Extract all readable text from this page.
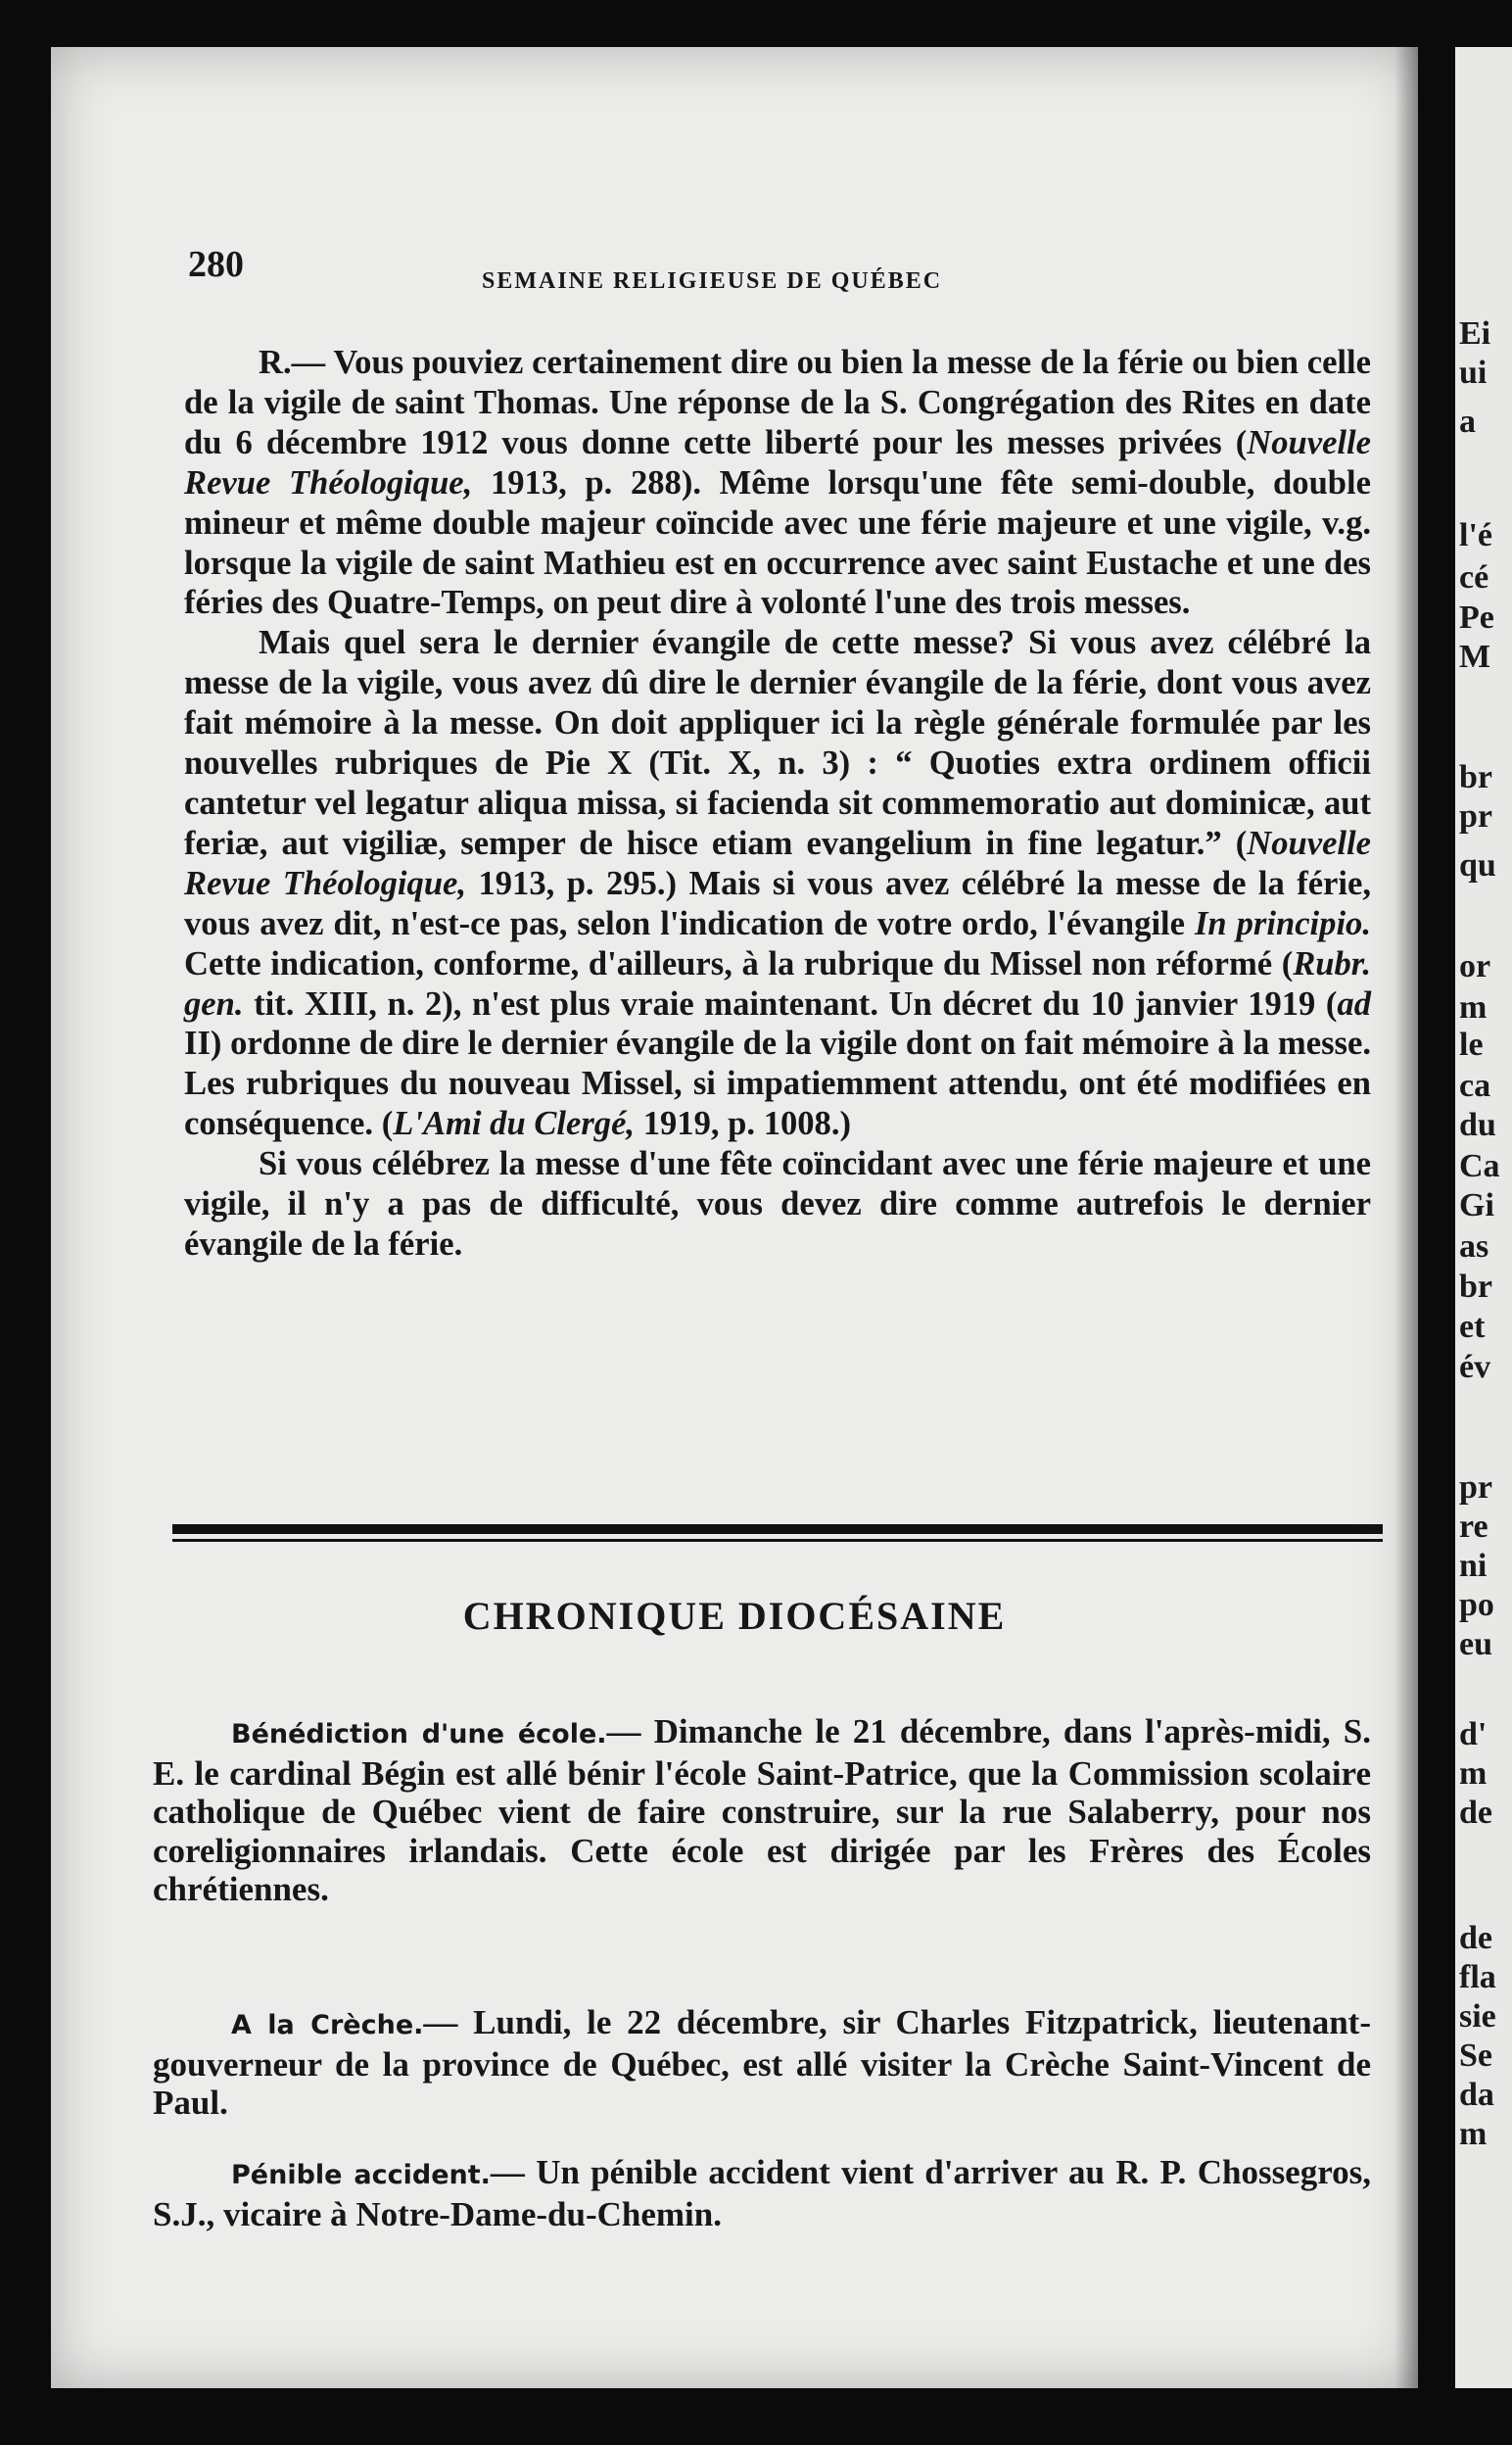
280	SEMAINE RELIGIEUSE DE QUÉBEC

R.— Vous pouviez certainement dire ou bien la messe de la férie ou bien celle de la vigile de saint Thomas. Une réponse de la S. Congrégation des Rites en date du 6 décembre 1912 vous donne cette liberté pour les messes privées (Nouvelle Revue Théologique, 1913, p. 288). Même lorsqu'une fête semi-double, double mineur et même double majeur coïncide avec une férie majeure et une vigile, v.g. lorsque la vigile de saint Mathieu est en occurrence avec saint Eustache et une des féries des Quatre-Temps, on peut dire à volonté l'une des trois messes.

Mais quel sera le dernier évangile de cette messe? Si vous avez célébré la messe de la vigile, vous avez dû dire le dernier évangile de la férie, dont vous avez fait mémoire à la messe. On doit appliquer ici la règle générale formulée par les nouvelles rubriques de Pie X (Tit. X, n. 3) : “ Quoties extra ordinem officii cantetur vel legatur aliqua missa, si facienda sit commemoratio aut dominicæ, aut feriæ, aut vigiliæ, semper de hisce etiam evangelium in fine legatur.” (Nouvelle Revue Théologique, 1913, p. 295.) Mais si vous avez célébré la messe de la férie, vous avez dit, n'est-ce pas, selon l'indication de votre ordo, l'évangile In principio. Cette indication, conforme, d'ailleurs, à la rubrique du Missel non réformé (Rubr. gen. tit. XIII, n. 2), n'est plus vraie maintenant. Un décret du 10 janvier 1919 (ad II) ordonne de dire le dernier évangile de la vigile dont on fait mémoire à la messe. Les rubriques du nouveau Missel, si impatiemment attendu, ont été modifiées en conséquence. (L'Ami du Clergé, 1919, p. 1008.)

Si vous célébrez la messe d'une fête coïncidant avec une férie majeure et une vigile, il n'y a pas de difficulté, vous devez dire comme autrefois le dernier évangile de la férie.

CHRONIQUE DIOCÉSAINE

Bénédiction d'une école.— Dimanche le 21 décembre, dans l'après-midi, S. E. le cardinal Bégin est allé bénir l'école Saint-Patrice, que la Commission scolaire catholique de Québec vient de faire construire, sur la rue Salaberry, pour nos coreligionnaires irlandais. Cette école est dirigée par les Frères des Écoles chrétiennes.

A la Crèche.— Lundi, le 22 décembre, sir Charles Fitzpatrick, lieutenant-gouverneur de la province de Québec, est allé visiter la Crèche Saint-Vincent de Paul.

Pénible accident.— Un pénible accident vient d'arriver au R. P. Chossegros, S.J., vicaire à Notre-Dame-du-Chemin.

Ei
ui
a
l'é
cé
Pe
M
br
pr
qu
or
m
le
ca
du
Ca
Gi
as
br
et
év
pr
re
ni
po
eu
d'
m
de
de
fla
sie
Se
da
m
